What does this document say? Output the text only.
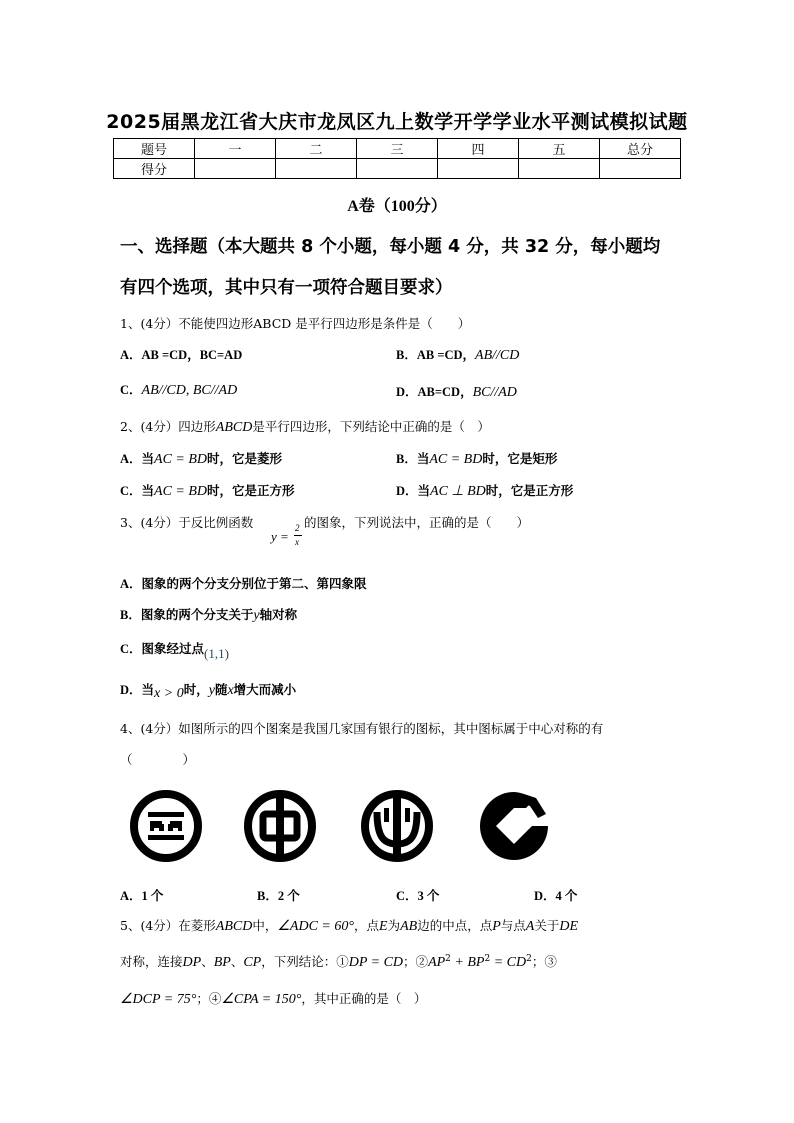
2025届黑龙江省大庆市龙凤区九上数学开学学业水平测试模拟试题
题号	一	二	三	四	五	总分
得分						
A卷（100分）
一、选择题（本大题共 8 个小题，每小题 4 分，共 32 分，每小题均
有四个选项，其中只有一项符合题目要求）
1、(4分）不能使四边形ABCD 是平行四边形是条件是（　　）
A．AB =CD，BC=AD	B．AB =CD，AB//CD
C．AB//CD, BC//AD	D．AB=CD，BC//AD
2、(4分）四边形ABCD是平行四边形，下列结论中正确的是（　）
A．当AC = BD时，它是菱形	B．当AC = BD时，它是矩形
C．当AC = BD时，它是正方形	D．当AC ⊥ BD时，它是正方形
3、(4分）于反比例函数	的图象，下列说法中，正确的是（　　）
y =
2
x
A．图象的两个分支分别位于第二、第四象限
B．图象的两个分支关于y轴对称
C．图象经过点(1,1)
D．当x > 0时，y随x增大而减小
4、(4分）如图所示的四个图案是我国几家国有银行的图标，其中图标属于中心对称的有
（　　　　）
A．1 个	B．2 个	C．3 个	D．4 个
5、(4分）在菱形ABCD中，∠ADC = 60°，点E为AB边的中点，点P与点A关于DE
对称，连接DP、BP、CP，下列结论：①DP = CD；$②AP^2 + BP^2 = CD^2$；③
∠DCP = 75°；④∠CPA = 150°，其中正确的是（　）
